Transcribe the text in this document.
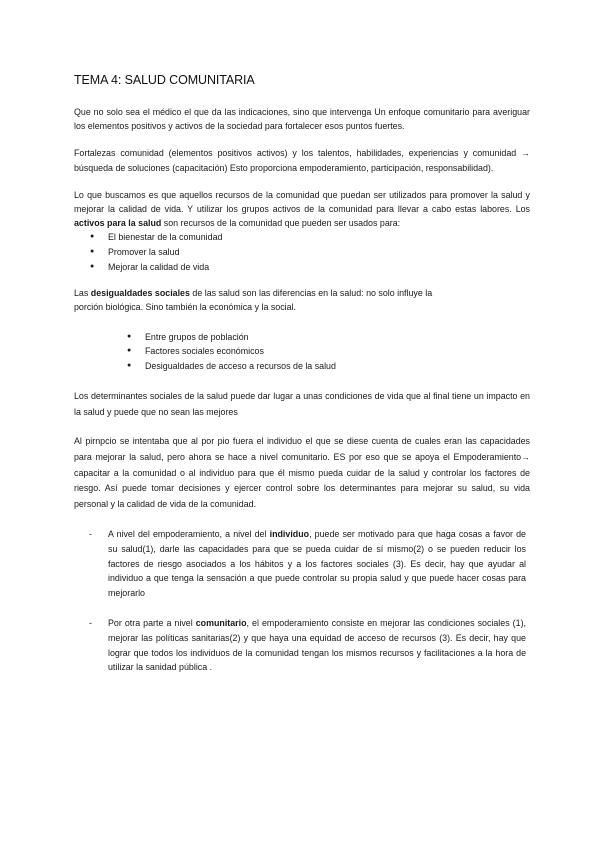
TEMA 4: SALUD COMUNITARIA

Que no solo sea el médico el que da las indicaciones, sino que intervenga Un enfoque comunitario para averiguar los elementos positivos y activos de la sociedad para fortalecer esos puntos fuertes.

Fortalezas comunidad (elementos positivos activos) y los talentos, habilidades, experiencias y comunidad → búsqueda de soluciones (capacitación) Esto proporciona empoderamiento, participación, responsabilidad).

Lo que buscamos es que aquellos recursos de la comunidad que puedan ser utilizados para promover la salud y mejorar la calidad de vida. Y utilizar los grupos activos de la comunidad para llevar a cabo estas labores. Los activos para la salud son recursos de la comunidad que pueden ser usados para:

● El bienestar de la comunidad
● Promover la salud
● Mejorar la calidad de vida

Las desigualdades sociales de las salud son las diferencias en la salud: no solo influye la
porción biológica. Sino también la económica y la social.

● Entre grupos de población
● Factores sociales económicos
● Desigualdades de acceso a recursos de la salud

Los determinantes sociales de la salud puede dar lugar a unas condiciones de vida que al final tiene un impacto en la salud y puede que no sean las mejores

Al pirnpcio se intentaba que al por pio fuera el individuo el que se diese cuenta de cuales eran las capacidades para mejorar la salud, pero ahora se hace a nivel comunitario. ES por eso que se apoya el Empoderamiento→ capacitar a la comunidad o al individuo para que él mismo pueda cuidar de la salud y controlar los factores de riesgo. Así puede tomar decisiones y ejercer control sobre los determinantes para mejorar su salud, su vida personal y la calidad de vida de la comunidad.

- A nivel del empoderamiento, a nivel del individuo, puede ser motivado para que haga cosas a favor de su salud(1), darle las capacidades para que se pueda cuidar de sí mismo(2) o se pueden reducir los factores de riesgo asociados a los hábitos y a los factores sociales (3). Es decir, hay que ayudar al individuo a que tenga la sensación a que puede controlar su propia salud y que puede hacer cosas para mejorarlo
- Por otra parte a nivel comunitario, el empoderamiento consiste en mejorar las condiciones sociales (1), mejorar las políticas sanitarias(2) y que haya una equidad de acceso de recursos (3). Es decir, hay que lograr que todos los individuos de la comunidad tengan los mismos recursos y facilitaciones a la hora de utilizar la sanidad pública .
